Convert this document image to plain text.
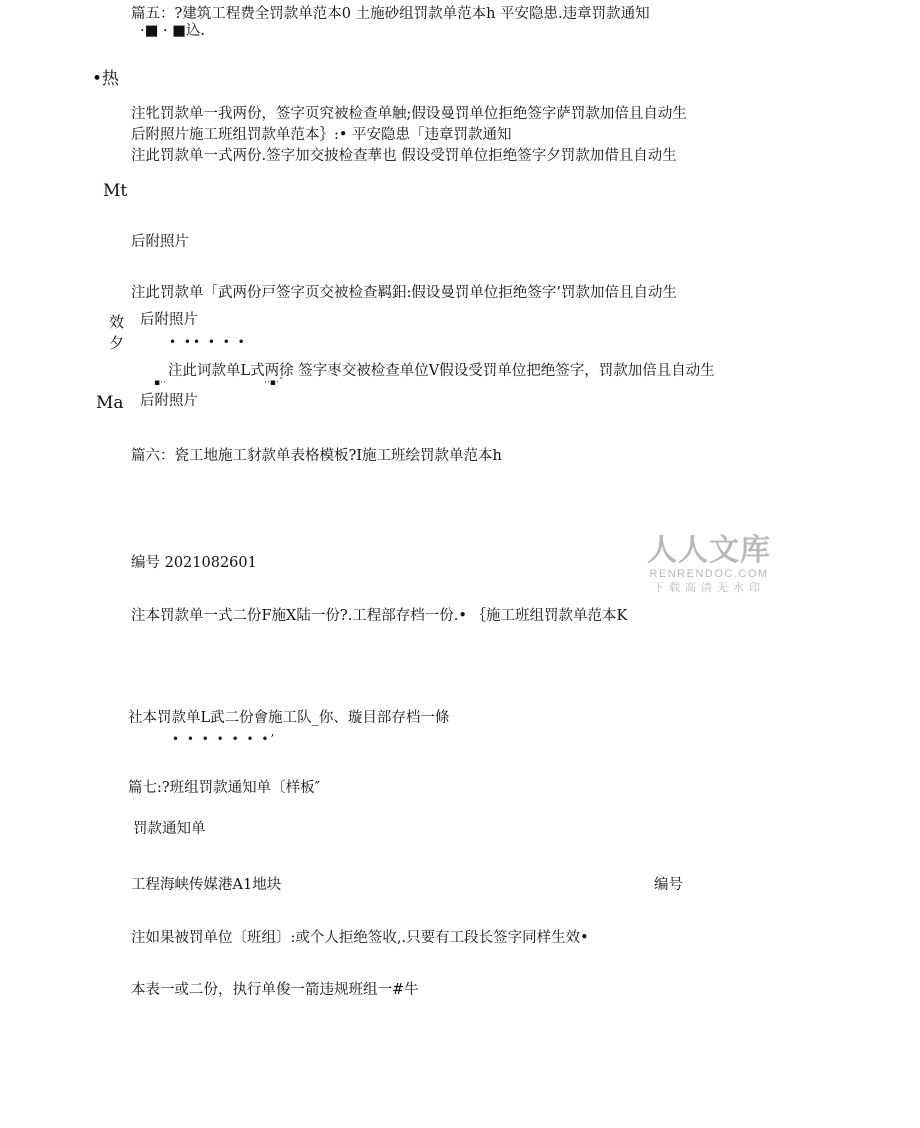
篇五：?建筑工程费全罚款单范本0 土施砂组罚款单范本h 平安隐患.违章罚款通知
·■ · ■込.
•热
注牝罚款单一我两份，签字页究被检查单触;假设曼罚单位拒绝签字萨罚款加倍且自动生
后附照片施工班组罚款单范本｝:• 平安隐患「违章罚款通知
注此罚款单一式两份.签字加交披检查華也 假设受罚单位拒绝签字夕罚款加借且自动生
Mt
后附照片
注此罚款单「武两份戸签字页交被检查羁鈤:假设曼罚单位拒绝签字’罚款加倍且自动生
效 后附照片
夕	• •• • • •
注此诃款单L式两徐 签字枣交被检查单位V假设受罚单位把绝签字，罚款加倍且自动生
▪··	·‧▪·˝
Ma 后附照片
篇六：瓷工地施工豺款单表格模板?I施工班绘罚款单范本h
人人文库
RENRENDOC.COM
下载高清无水印
编号 2021082601
注本罚款单一式二份F施X陆一份?.工程部存档一份.• ｛施工班组罚款单范本K
社本罚款单L武二份會施工队_你、璇目部存档一條
• • • • • • •’
篇七:?班组罚款通知单〔样板″
罚款通知单
工程海峡传媒港A1地块	编号
注如果被罚单位〔班组〕:或个人拒绝签收,.只要有工段长签字同样生效•
本表一或二份，执行单俊一箭违规班组一#牛
